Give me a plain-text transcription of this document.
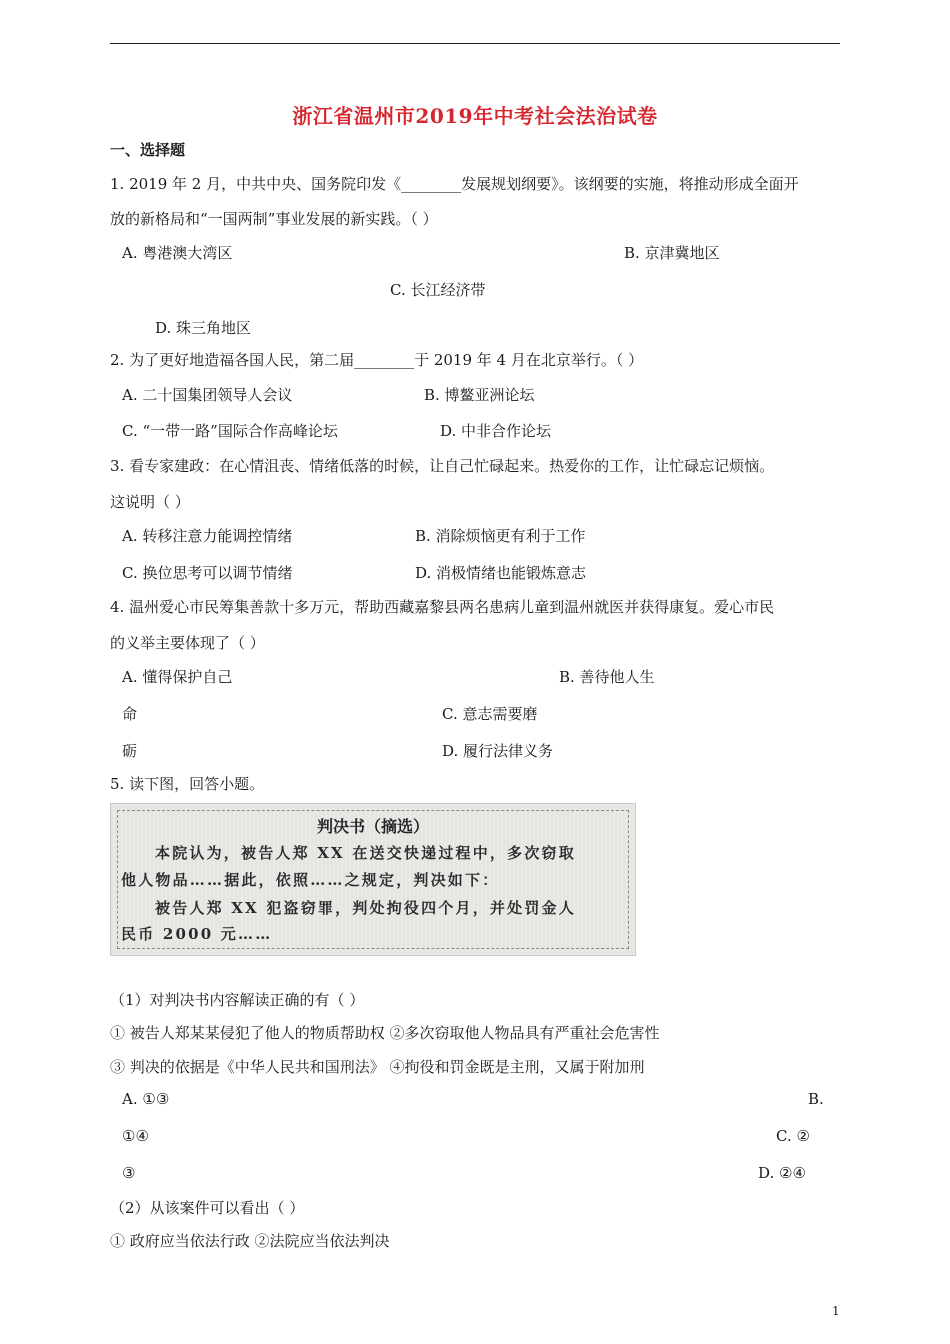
浙江省温州市2019年中考社会法治试卷
一、选择题
1. 2019 年 2 月，中共中央、国务院印发《________发展规划纲要》。该纲要的实施，将推动形成全面开
放的新格局和“一国两制”事业发展的新实践。（ ）
A. 粤港澳大湾区	B. 京津冀地区
C. 长江经济带
D. 珠三角地区
2. 为了更好地造福各国人民，第二届________于 2019 年 4 月在北京举行。（ ）
A. 二十国集团领导人会议	B. 博鳌亚洲论坛
C. “一带一路”国际合作高峰论坛	D. 中非合作论坛
3. 看专家建政：在心情沮丧、情绪低落的时候，让自己忙碌起来。热爱你的工作，让忙碌忘记烦恼。
这说明（ ）
A. 转移注意力能调控情绪	B. 消除烦恼更有利于工作
C. 换位思考可以调节情绪	D. 消极情绪也能锻炼意志
4. 温州爱心市民筹集善款十多万元，帮助西藏嘉黎县两名患病儿童到温州就医并获得康复。爱心市民
的义举主要体现了（ ）
A. 懂得保护自己	B. 善待他人生
命	C. 意志需要磨
砺	D. 履行法律义务
5. 读下图，回答小题。
判决书（摘选）
本院认为，被告人郑 XX 在送交快递过程中，多次窃取
他人物品……据此，依照……之规定，判决如下：
被告人郑 XX 犯盗窃罪，判处拘役四个月，并处罚金人
民币 2000 元……
（1）对判决书内容解读正确的有（ ）
① 被告人郑某某侵犯了他人的物质帮助权 ②多次窃取他人物品具有严重社会危害性
③ 判决的依据是《中华人民共和国刑法》 ④拘役和罚金既是主刑，又属于附加刑
A. ①③	B.
①④	C. ②
③	D. ②④
（2）从该案件可以看出（ ）
① 政府应当依法行政 ②法院应当依法判决
1
